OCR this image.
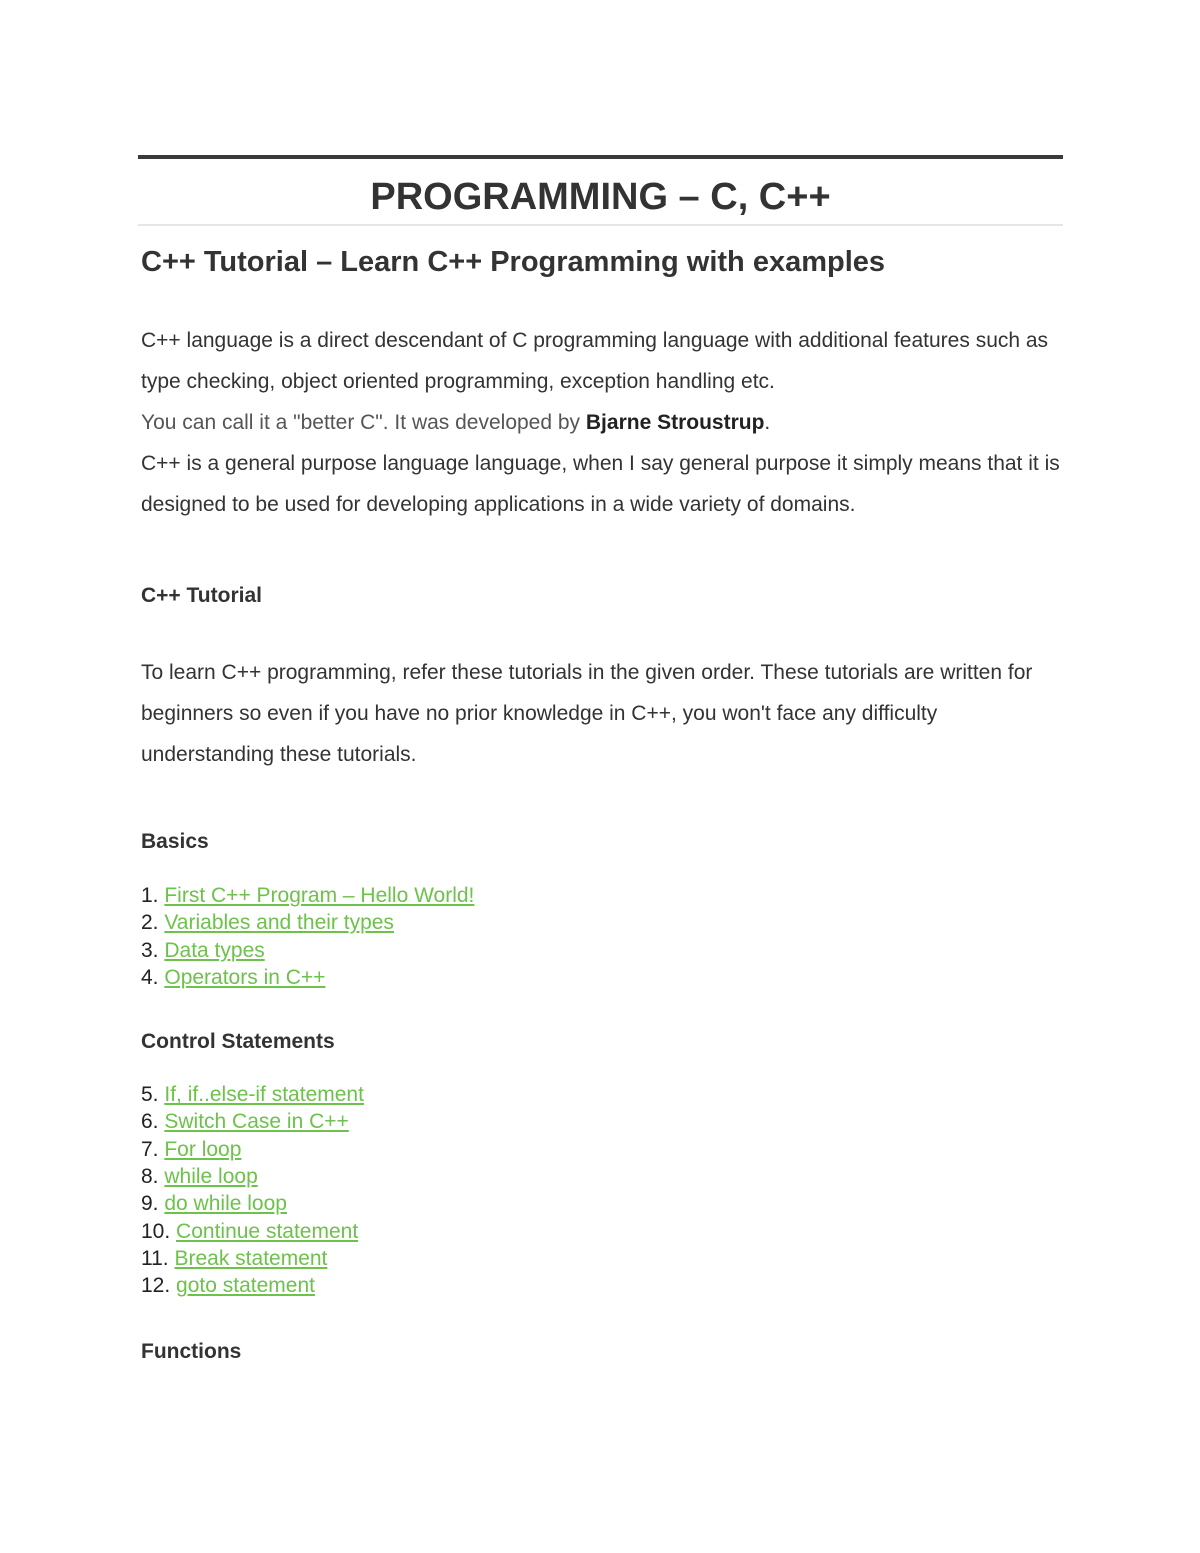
PROGRAMMING – C, C++
C++ Tutorial – Learn C++ Programming with examples

C++ language is a direct descendant of C programming language with additional features such as type checking, object oriented programming, exception handling etc.

You can call it a "better C". It was developed by Bjarne Stroustrup.

C++ is a general purpose language language, when I say general purpose it simply means that it is designed to be used for developing applications in a wide variety of domains.

C++ Tutorial

To learn C++ programming, refer these tutorials in the given order. These tutorials are written for beginners so even if you have no prior knowledge in C++, you won't face any difficulty understanding these tutorials.

Basics
1. First C++ Program – Hello World!
2. Variables and their types
3. Data types
4. Operators in C++
Control Statements
5. If, if..else-if statement
6. Switch Case in C++
7. For loop
8. while loop
9. do while loop
10. Continue statement
11. Break statement
12. goto statement
Functions
